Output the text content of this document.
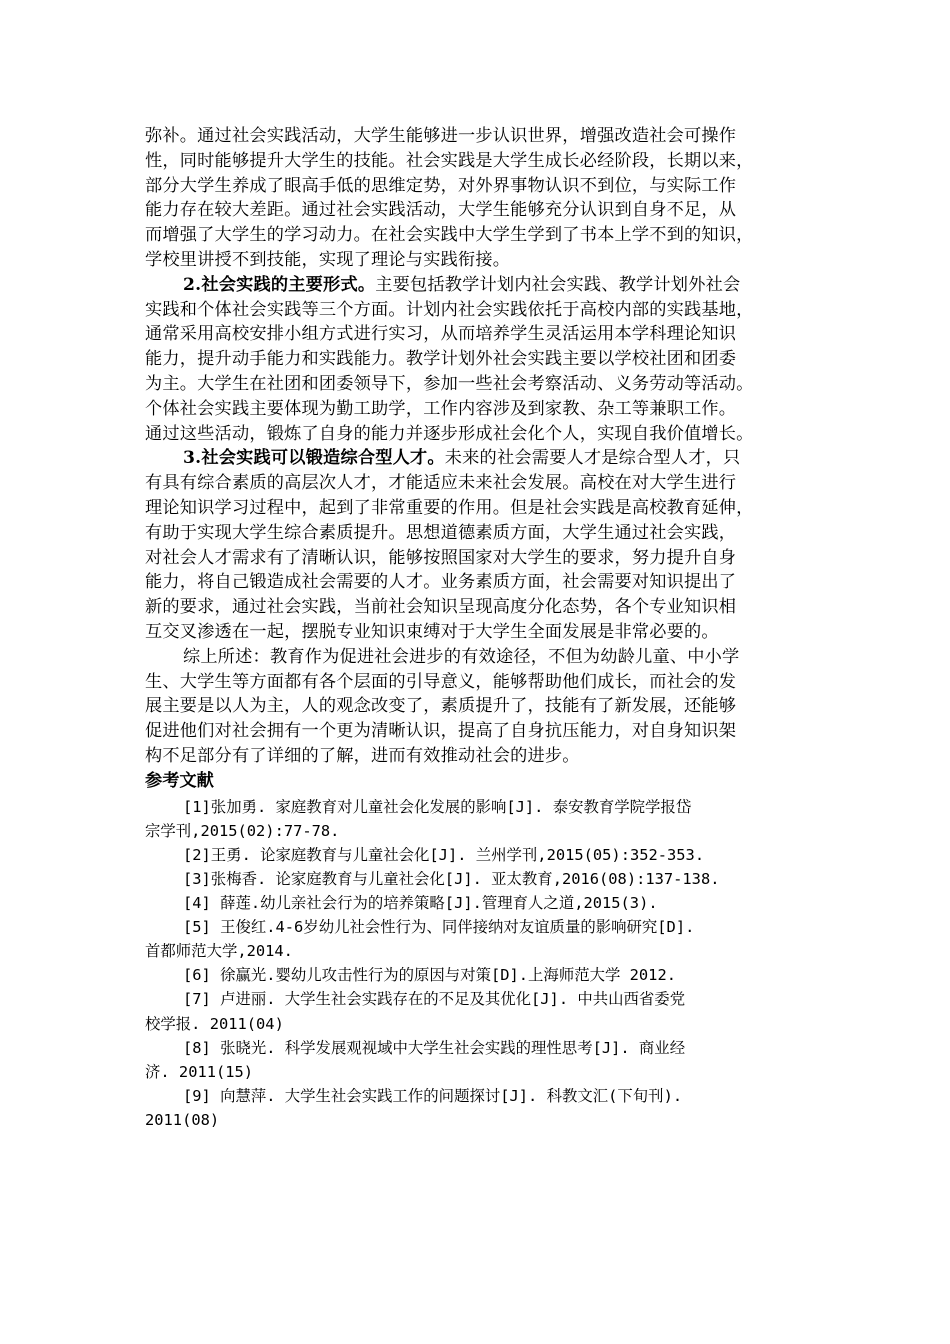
弥补。通过社会实践活动，大学生能够进一步认识世界，增强改造社会可操作
性，同时能够提升大学生的技能。社会实践是大学生成长必经阶段，长期以来，
部分大学生养成了眼高手低的思维定势，对外界事物认识不到位，与实际工作
能力存在较大差距。通过社会实践活动，大学生能够充分认识到自身不足，从
而增强了大学生的学习动力。在社会实践中大学生学到了书本上学不到的知识，
学校里讲授不到技能，实现了理论与实践衔接。
2.社会实践的主要形式。主要包括教学计划内社会实践、教学计划外社会
实践和个体社会实践等三个方面。计划内社会实践依托于高校内部的实践基地，
通常采用高校安排小组方式进行实习，从而培养学生灵活运用本学科理论知识
能力，提升动手能力和实践能力。教学计划外社会实践主要以学校社团和团委
为主。大学生在社团和团委领导下，参加一些社会考察活动、义务劳动等活动。
个体社会实践主要体现为勤工助学，工作内容涉及到家教、杂工等兼职工作。
通过这些活动，锻炼了自身的能力并逐步形成社会化个人，实现自我价值增长。
3.社会实践可以锻造综合型人才。未来的社会需要人才是综合型人才，只
有具有综合素质的高层次人才，才能适应未来社会发展。高校在对大学生进行
理论知识学习过程中，起到了非常重要的作用。但是社会实践是高校教育延伸，
有助于实现大学生综合素质提升。思想道德素质方面，大学生通过社会实践，
对社会人才需求有了清晰认识，能够按照国家对大学生的要求，努力提升自身
能力，将自己锻造成社会需要的人才。业务素质方面，社会需要对知识提出了
新的要求，通过社会实践，当前社会知识呈现高度分化态势，各个专业知识相
互交叉渗透在一起，摆脱专业知识束缚对于大学生全面发展是非常必要的。
综上所述：教育作为促进社会进步的有效途径，不但为幼龄儿童、中小学
生、大学生等方面都有各个层面的引导意义，能够帮助他们成长，而社会的发
展主要是以人为主，人的观念改变了，素质提升了，技能有了新发展，还能够
促进他们对社会拥有一个更为清晰认识，提高了自身抗压能力，对自身知识架
构不足部分有了详细的了解，进而有效推动社会的进步。
参考文献
[1]张加勇. 家庭教育对儿童社会化发展的影响[J]. 泰安教育学院学报岱
宗学刊,2015(02):77-78.
[2]王勇. 论家庭教育与儿童社会化[J]. 兰州学刊,2015(05):352-353.
[3]张梅香. 论家庭教育与儿童社会化[J]. 亚太教育,2016(08):137-138.
[4] 薛莲.幼儿亲社会行为的培养策略[J].管理育人之道,2015(3).
[5] 王俊红.4-6岁幼儿社会性行为、同伴接纳对友谊质量的影响研究[D].
首都师范大学,2014.
[6] 徐赢光.婴幼儿攻击性行为的原因与对策[D].上海师范大学 2012.
[7] 卢进丽. 大学生社会实践存在的不足及其优化[J]. 中共山西省委党
校学报. 2011(04)
[8] 张晓光. 科学发展观视域中大学生社会实践的理性思考[J]. 商业经
济. 2011(15)
[9] 向慧萍. 大学生社会实践工作的问题探讨[J]. 科教文汇(下旬刊).
2011(08)
